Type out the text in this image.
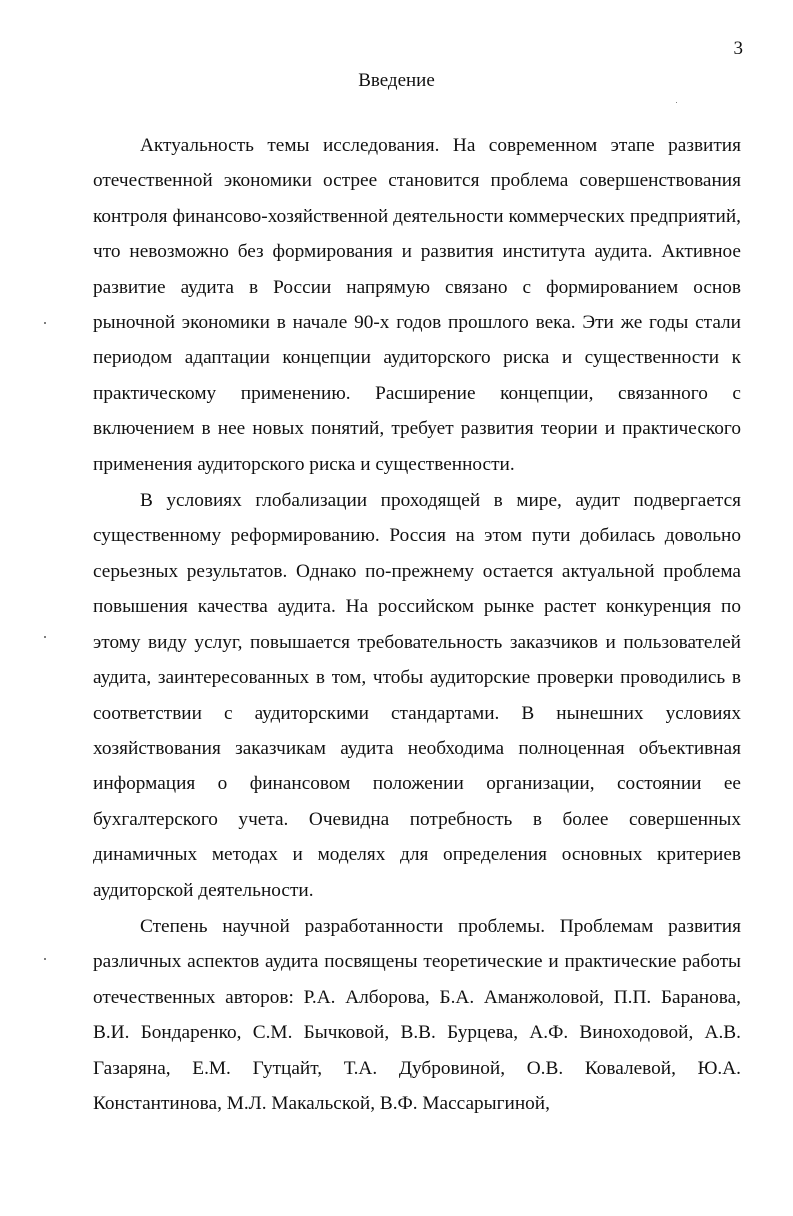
3
Введение

Актуальность темы исследования. На современном этапе развития отечественной экономики острее становится проблема совершенствования контроля финансово-хозяйственной деятельности коммерческих предприятий, что невозможно без формирования и развития института аудита. Активное развитие аудита в России напрямую связано с формированием основ рыночной экономики в начале 90-х годов прошлого века. Эти же годы стали периодом адаптации концепции аудиторского риска и существенности к практическому применению. Расширение концепции, связанного с включением в нее новых понятий, требует развития теории и практического применения аудиторского риска и существенности.

В условиях глобализации проходящей в мире, аудит подвергается существенному реформированию. Россия на этом пути добилась довольно серьезных результатов. Однако по-прежнему остается актуальной проблема повышения качества аудита. На российском рынке растет конкуренция по этому виду услуг, повышается требовательность заказчиков и пользователей аудита, заинтересованных в том, чтобы аудиторские проверки проводились в соответствии с аудиторскими стандартами. В нынешних условиях хозяйствования заказчикам аудита необходима полноценная объективная информация о финансовом положении организации, состоянии ее бухгалтерского учета. Очевидна потребность в более совершенных динамичных методах и моделях для определения основных критериев аудиторской деятельности.

Степень научной разработанности проблемы. Проблемам развития различных аспектов аудита посвящены теоретические и практические работы отечественных авторов: Р.А. Алборова, Б.А. Аманжоловой, П.П. Баранова, В.И. Бондаренко, С.М. Бычковой, В.В. Бурцева, А.Ф. Виноходовой, А.В. Газаряна, Е.М. Гутцайт, Т.А. Дубровиной, О.В. Ковалевой, Ю.А. Константинова, М.Л. Макальской, В.Ф. Массарыгиной,
